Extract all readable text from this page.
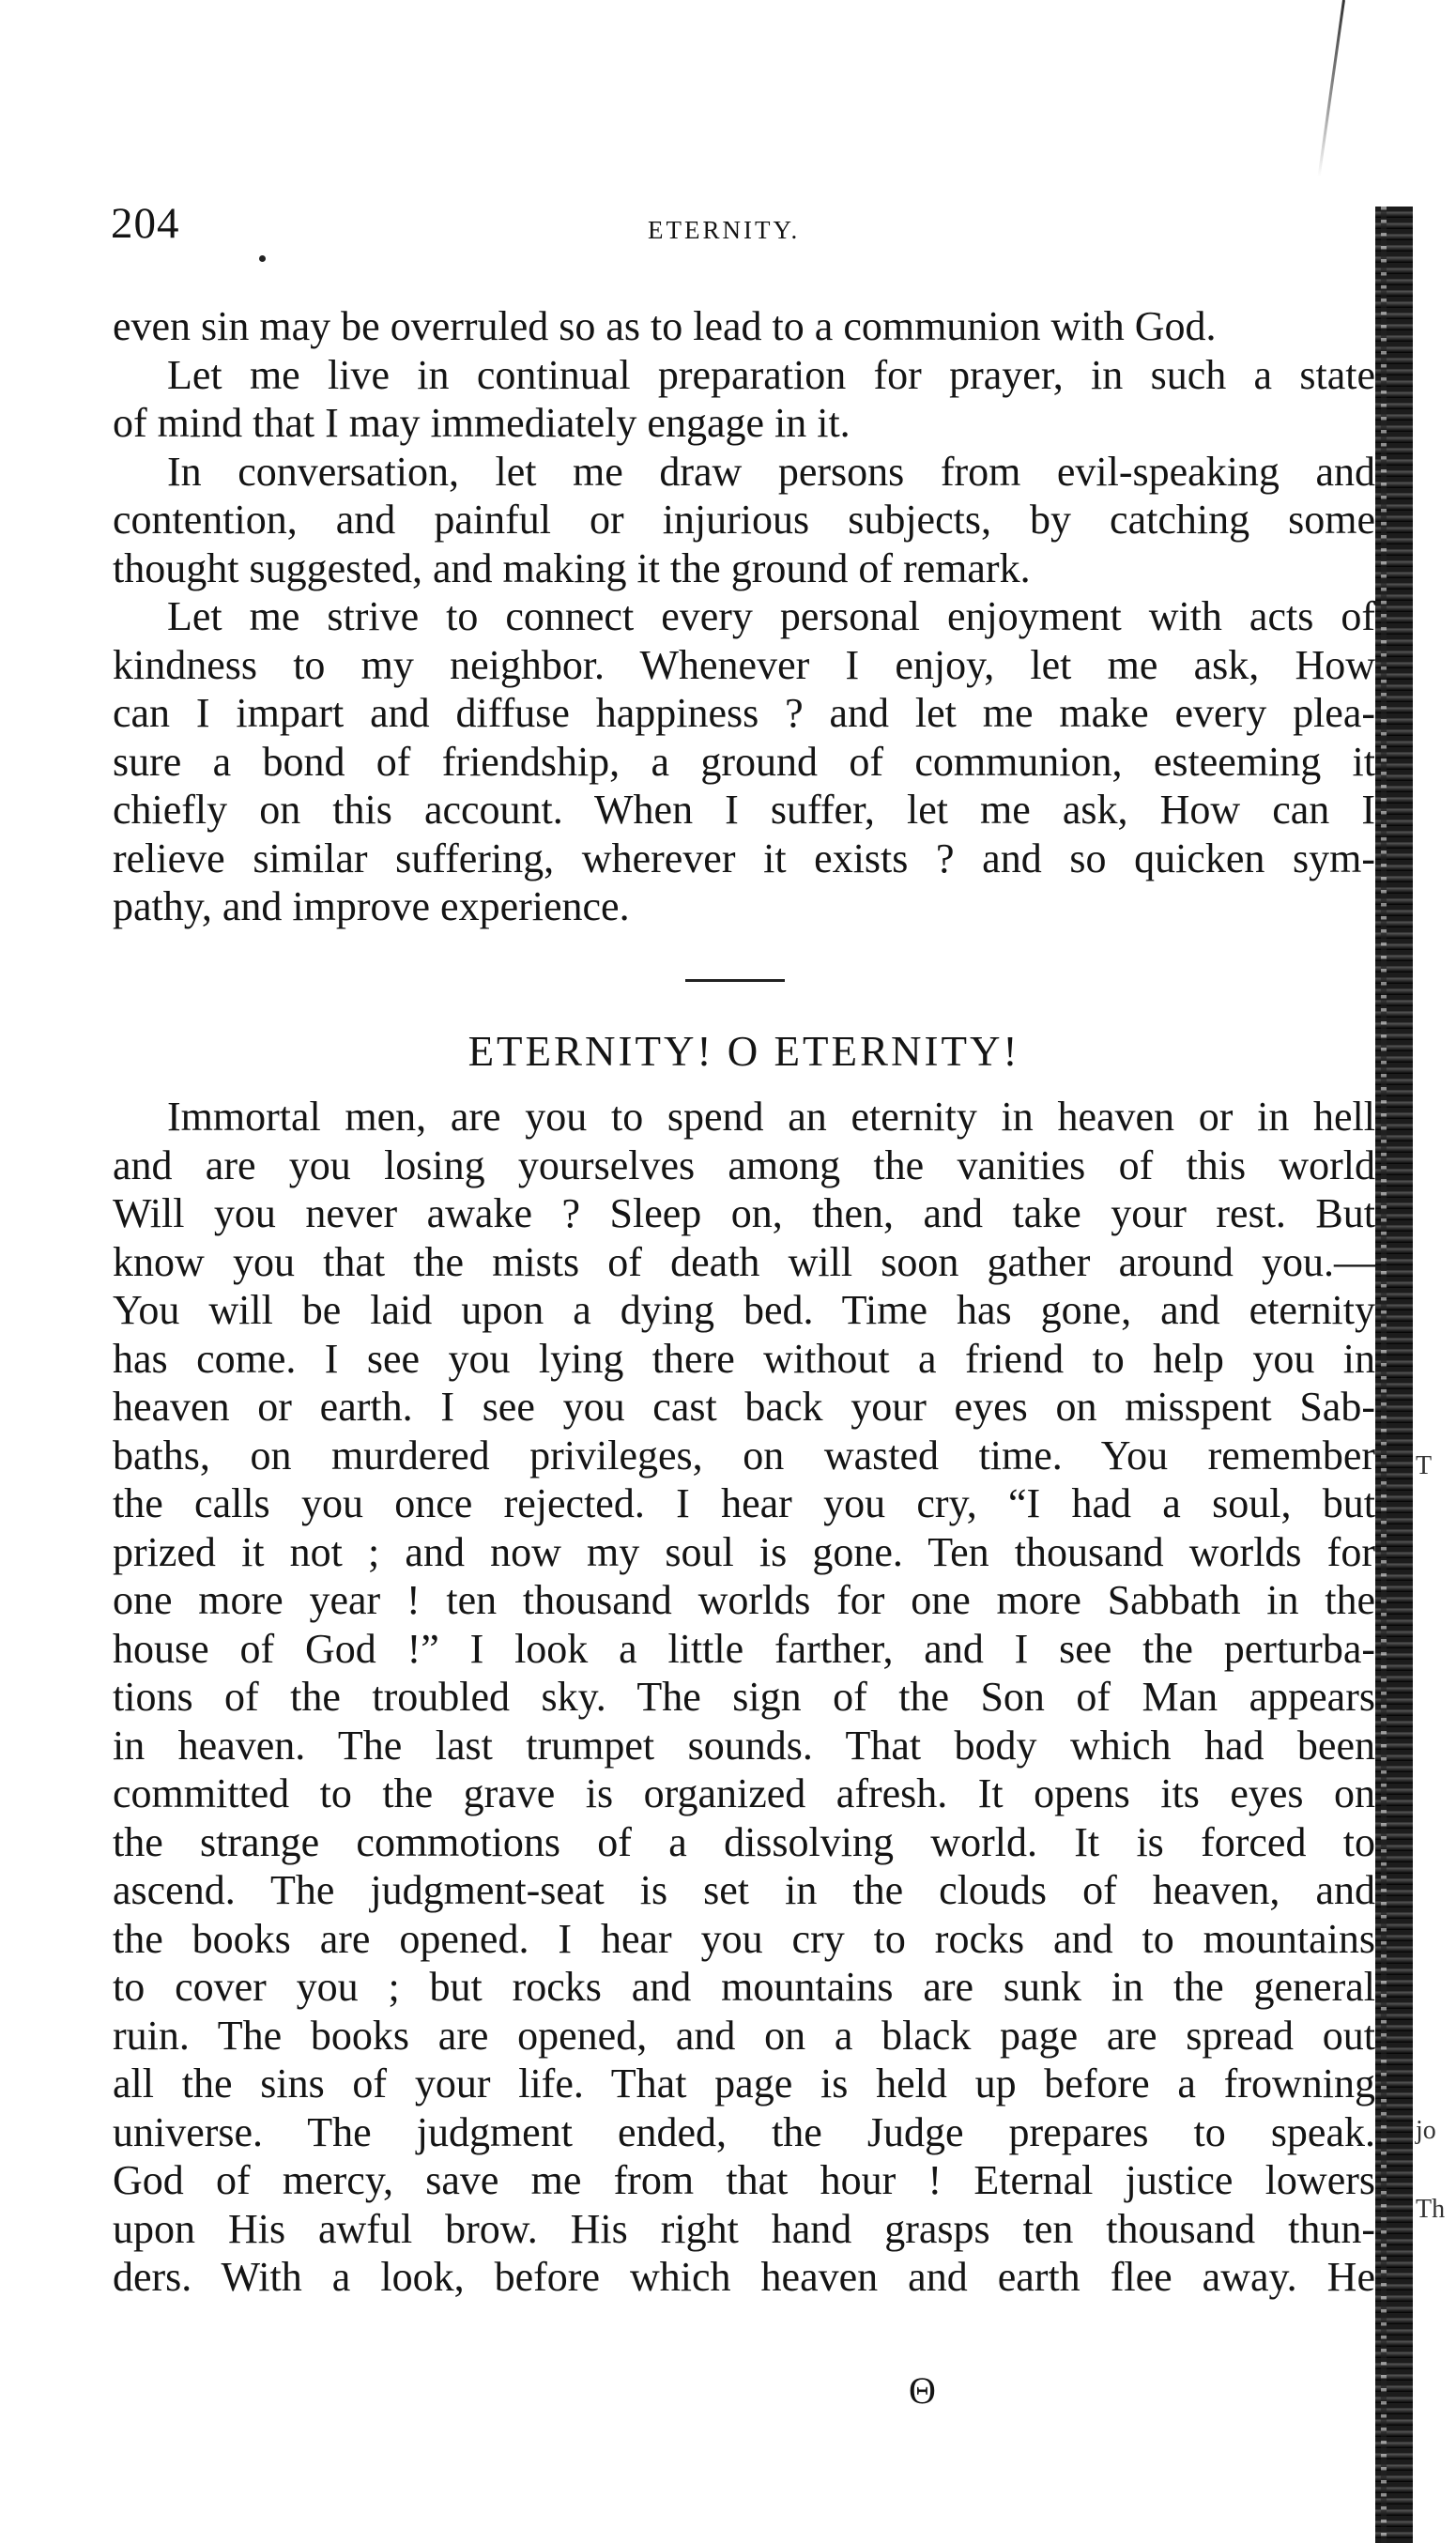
204	ETERNITY.
even sin may be overruled so as to lead to a communion with God.
Let me live in continual preparation for prayer, in such a state
of mind that I may immediately engage in it.
In conversation, let me draw persons from evil-speaking and
contention, and painful or injurious subjects, by catching some
thought suggested, and making it the ground of remark.
Let me strive to connect every personal enjoyment with acts of
kindness to my neighbor. Whenever I enjoy, let me ask, How
can I impart and diffuse happiness ? and let me make every plea-
sure a bond of friendship, a ground of communion, esteeming it
chiefly on this account. When I suffer, let me ask, How can I
relieve similar suffering, wherever it exists ? and so quicken sym-
pathy, and improve experience.
ETERNITY! O ETERNITY!
Immortal men, are you to spend an eternity in heaven or in hell
and are you losing yourselves among the vanities of this world
Will you never awake ? Sleep on, then, and take your rest. But
know you that the mists of death will soon gather around you.—
You will be laid upon a dying bed. Time has gone, and eternity
has come. I see you lying there without a friend to help you in
heaven or earth. I see you cast back your eyes on misspent Sab-
baths, on murdered privileges, on wasted time. You remember
the calls you once rejected. I hear you cry, “I had a soul, but
prized it not ; and now my soul is gone. Ten thousand worlds for
one more year ! ten thousand worlds for one more Sabbath in the
house of God !” I look a little farther, and I see the perturba-
tions of the troubled sky. The sign of the Son of Man appears
in heaven. The last trumpet sounds. That body which had been
committed to the grave is organized afresh. It opens its eyes on
the strange commotions of a dissolving world. It is forced to
ascend. The judgment-seat is set in the clouds of heaven, and
the books are opened. I hear you cry to rocks and to mountains
to cover you ; but rocks and mountains are sunk in the general
ruin. The books are opened, and on a black page are spread out
all the sins of your life. That page is held up before a frowning
universe. The judgment ended, the Judge prepares to speak.
God of mercy, save me from that hour ! Eternal justice lowers
upon His awful brow. His right hand grasps ten thousand thun-
ders. With a look, before which heaven and earth flee away. He
Θ
T
Th
jo
